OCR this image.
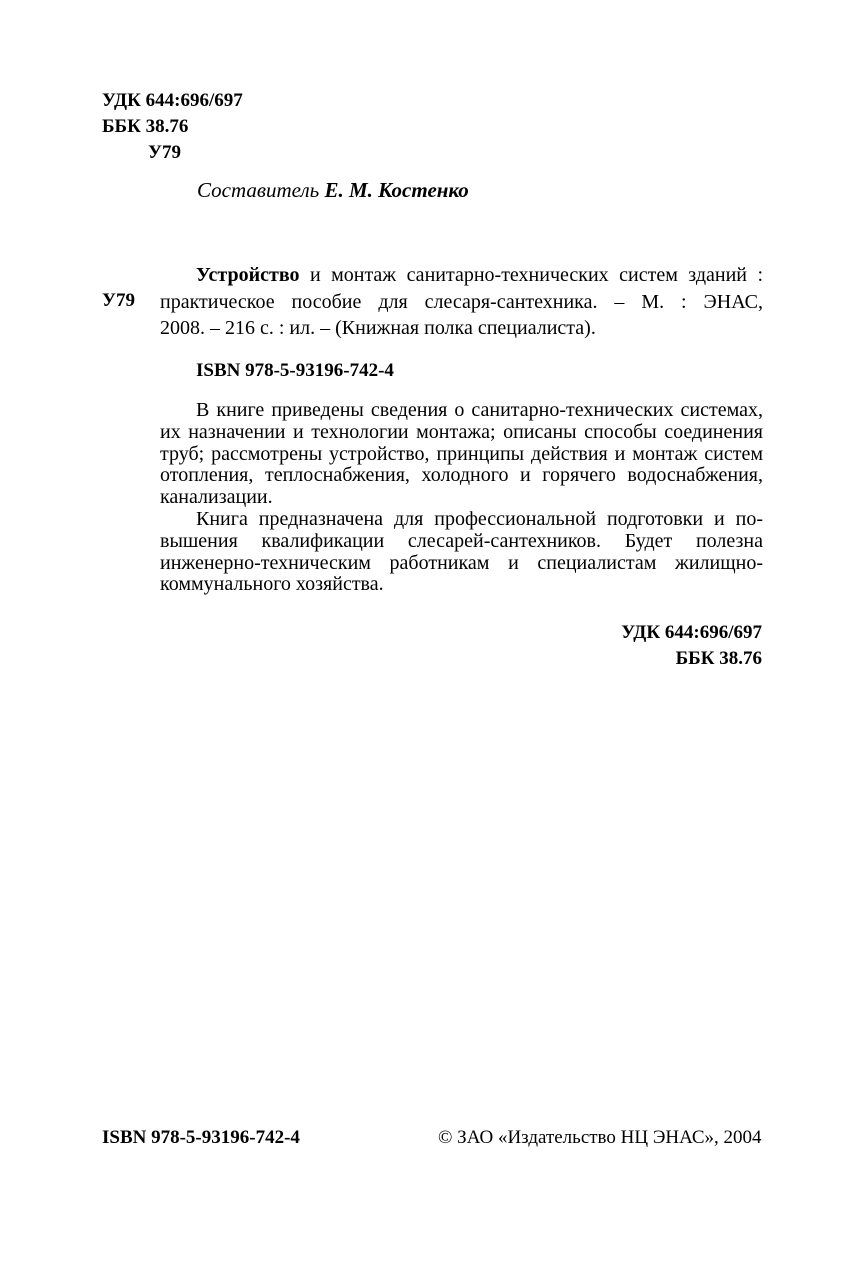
УДК 644:696/697
ББК 38.76
У79
Составитель Е. М. Костенко
У79
Устройство и монтаж санитарно-технических систем зданий :
практическое пособие для слесаря-сантехника. – М. : ЭНАС,
2008. – 216 с. : ил. – (Книжная полка специалиста).
ISBN 978-5-93196-742-4
В книге приведены сведения о санитарно-технических системах,
их назначении и технологии монтажа; описаны способы соединения
труб; рассмотрены устройство, принципы действия и монтаж систем
отопления, теплоснабжения, холодного и горячего водоснабжения,
канализации.
Книга предназначена для профессиональной подготовки и по-
вышения квалификации слесарей-сантехников. Будет полезна
инженерно-техническим работникам и специалистам жилищно-
коммунального хозяйства.
УДК 644:696/697
ББК 38.76
ISBN 978-5-93196-742-4	© ЗАО «Издательство НЦ ЭНАС», 2004
